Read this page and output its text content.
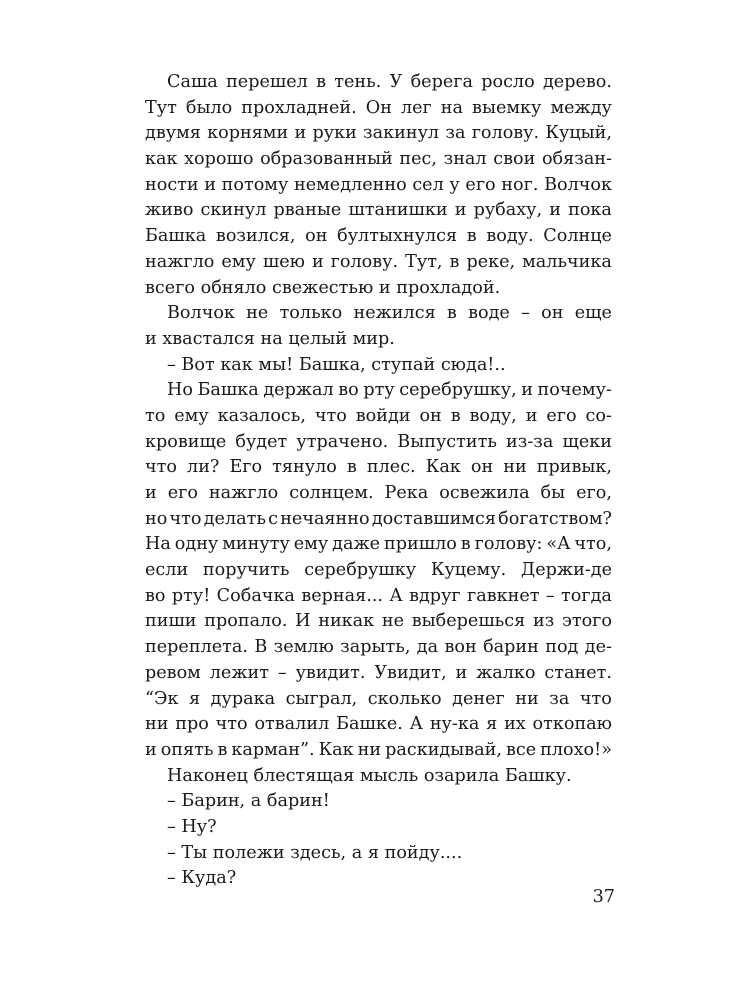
Саша перешел в тень. У берега росло дерево.
Тут было прохладней. Он лег на выемку между
двумя корнями и руки закинул за голову. Куцый,
как хорошо образованный пес, знал свои обязан-
ности и потому немедленно сел у его ног. Волчок
живо скинул рваные штанишки и рубаху, и пока
Башка возился, он бултыхнулся в воду. Солнце
нажгло ему шею и голову. Тут, в реке, мальчика
всего обняло свежестью и прохладой.
Волчок не только нежился в воде – он еще
и хвастался на целый мир.
– Вот как мы! Башка, ступай сюда!..
Но Башка держал во рту серебрушку, и почему-
то ему казалось, что войди он в воду, и его со-
кровище будет утрачено. Выпустить из-за щеки
что ли? Его тянуло в плес. Как он ни привык,
и его нажгло солнцем. Река освежила бы его,
но что делать с нечаянно доставшимся богатством?
На одну минуту ему даже пришло в голову: «А что,
если поручить серебрушку Куцему. Держи-де
во рту! Собачка верная... А вдруг гавкнет – тогда
пиши пропало. И никак не выберешься из этого
переплета. В землю зарыть, да вон барин под де-
ревом лежит – увидит. Увидит, и жалко станет.
“Эк я дурака сыграл, сколько денег ни за что
ни про что отвалил Башке. А ну-ка я их откопаю
и опять в карман”. Как ни раскидывай, все плохо!»
Наконец блестящая мысль озарила Башку.
– Барин, а барин!
– Ну?
– Ты полежи здесь, а я пойду....
– Куда?
37
